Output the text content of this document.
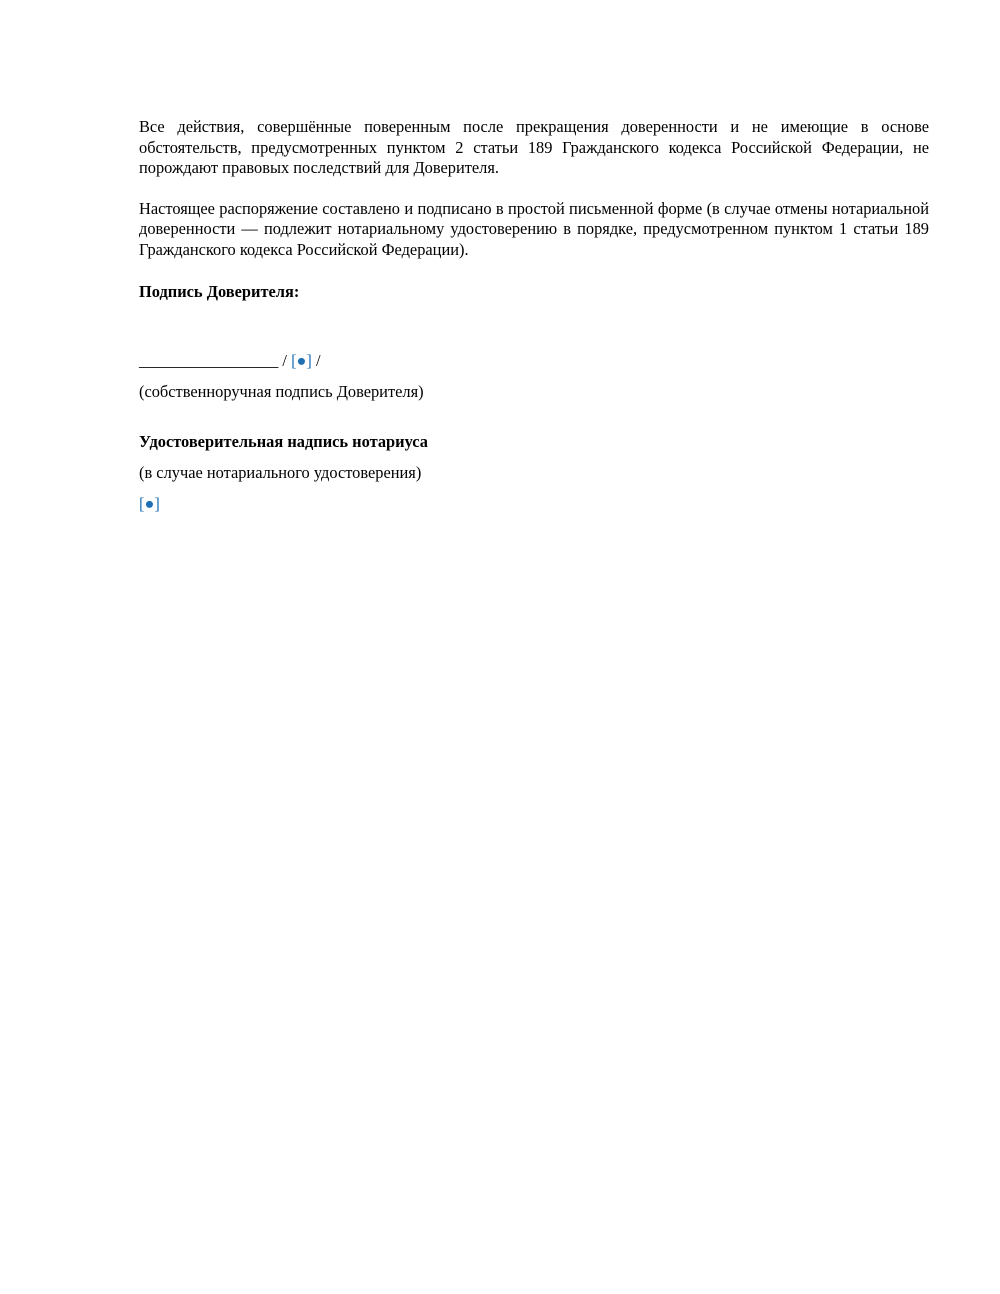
Все действия, совершённые поверенным после прекращения доверенности и не имеющие в основе обстоятельств, предусмотренных пунктом 2 статьи 189 Гражданского кодекса Российской Федерации, не порождают правовых последствий для Доверителя.

Настоящее распоряжение составлено и подписано в простой письменной форме (в случае отмены нотариальной доверенности — подлежит нотариальному удостоверению в порядке, предусмотренном пунктом 1 статьи 189 Гражданского кодекса Российской Федерации).

Подпись Доверителя:
_________________ / [●] /
(собственноручная подпись Доверителя)
Удостоверительная надпись нотариуса
(в случае нотариального удостоверения)
[●]
